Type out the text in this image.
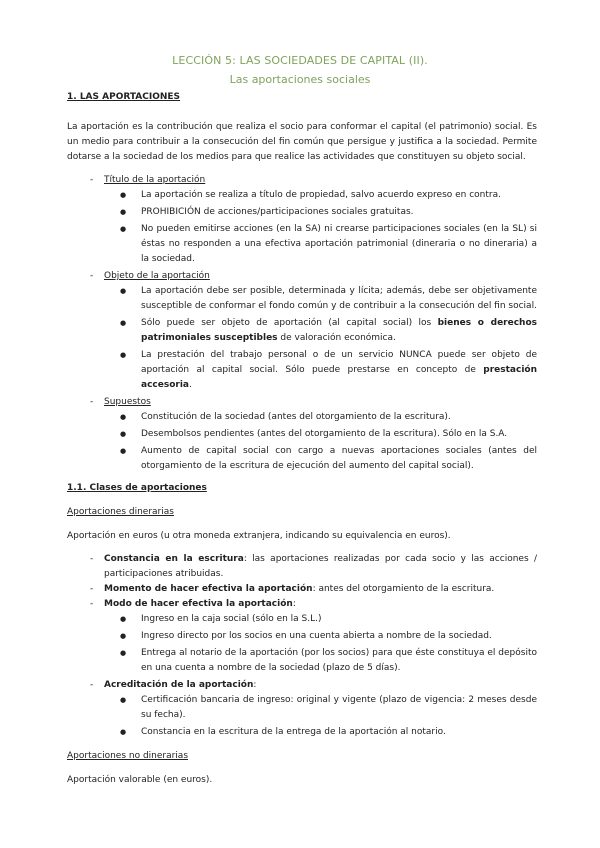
LECCIÓN 5: LAS SOCIEDADES DE CAPITAL (II).
Las aportaciones sociales
1. LAS APORTACIONES

La aportación es la contribución que realiza el socio para conformar el capital (el patrimonio) social. Es un medio para contribuir a la consecución del fin común que persigue y justifica a la sociedad. Permite dotarse a la sociedad de los medios para que realice las actividades que constituyen su objeto social.

- Título de la aportación
● La aportación se realiza a título de propiedad, salvo acuerdo expreso en contra.
● PROHIBICIÓN de acciones/participaciones sociales gratuitas.
● No pueden emitirse acciones (en la SA) ni crearse participaciones sociales (en la SL) si éstas no responden a una efectiva aportación patrimonial (dineraria o no dineraria) a la sociedad.
- Objeto de la aportación
● La aportación debe ser posible, determinada y lícita; además, debe ser objetivamente susceptible de conformar el fondo común y de contribuir a la consecución del fin social.
● Sólo puede ser objeto de aportación (al capital social) los bienes o derechos patrimoniales susceptibles de valoración económica.
● La prestación del trabajo personal o de un servicio NUNCA puede ser objeto de aportación al capital social. Sólo puede prestarse en concepto de prestación accesoria.
- Supuestos
● Constitución de la sociedad (antes del otorgamiento de la escritura).
● Desembolsos pendientes (antes del otorgamiento de la escritura). Sólo en la S.A.
● Aumento de capital social con cargo a nuevas aportaciones sociales (antes del otorgamiento de la escritura de ejecución del aumento del capital social).
1.1. Clases de aportaciones
Aportaciones dinerarias

Aportación en euros (u otra moneda extranjera, indicando su equivalencia en euros).

- Constancia en la escritura: las aportaciones realizadas por cada socio y las acciones / participaciones atribuidas.
- Momento de hacer efectiva la aportación: antes del otorgamiento de la escritura.
- Modo de hacer efectiva la aportación:
● Ingreso en la caja social (sólo en la S.L.)
● Ingreso directo por los socios en una cuenta abierta a nombre de la sociedad.
● Entrega al notario de la aportación (por los socios) para que éste constituya el depósito en una cuenta a nombre de la sociedad (plazo de 5 días).
- Acreditación de la aportación:
● Certificación bancaria de ingreso: original y vigente (plazo de vigencia: 2 meses desde su fecha).
● Constancia en la escritura de la entrega de la aportación al notario.
Aportaciones no dinerarias

Aportación valorable (en euros).
